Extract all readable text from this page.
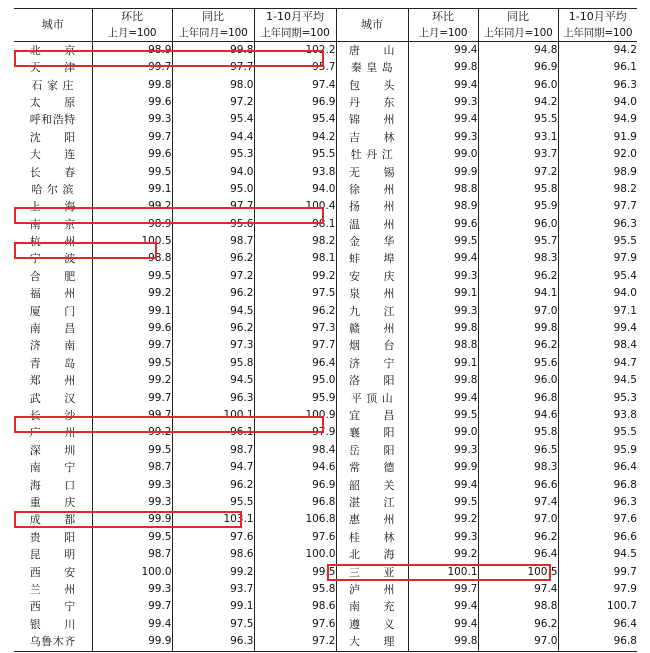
城市	环比	同比	1-10月平均	城市	环比	同比	1-10月平均
	上月=100	上年同月=100	上年同期=100		上月=100	上年同月=100	上年同期=100
北　　京	98.9	99.8	102.2	唐　　山	99.4	94.8	94.2
天　　津	99.7	97.7	95.7	秦 皇 岛	99.8	96.9	96.1
石 家 庄	99.8	98.0	97.4	包　　头	99.4	96.0	96.3
太　　原	99.6	97.2	96.9	丹　　东	99.3	94.2	94.0
呼和浩特	99.3	95.4	95.4	锦　　州	99.4	95.5	94.9
沈　　阳	99.7	94.4	94.2	吉　　林	99.3	93.1	91.9
大　　连	99.6	95.3	95.5	牡 丹 江	99.0	93.7	92.0
长　　春	99.5	94.0	93.8	无　　锡	99.9	97.2	98.9
哈 尔 滨	99.1	95.0	94.0	徐　　州	98.8	95.8	98.2
上　　海	99.2	97.7	100.4	扬　　州	98.9	95.9	97.7
南　　京	98.9	95.6	98.1	温　　州	99.6	96.0	96.3
杭　　州	100.5	98.7	98.2	金　　华	99.5	95.7	95.5
宁　　波	98.8	96.2	98.1	蚌　　埠	99.4	98.3	97.9
合　　肥	99.5	97.2	99.2	安　　庆	99.3	96.2	95.4
福　　州	99.2	96.2	97.5	泉　　州	99.1	94.1	94.0
厦　　门	99.1	94.5	96.2	九　　江	99.3	97.0	97.1
南　　昌	99.6	96.2	97.3	赣　　州	99.8	99.8	99.4
济　　南	99.7	97.3	97.7	烟　　台	98.8	96.2	98.4
青　　岛	99.5	95.8	96.4	济　　宁	99.1	95.6	94.7
郑　　州	99.2	94.5	95.0	洛　　阳	99.8	96.0	94.5
武　　汉	99.7	96.3	95.9	平 顶 山	99.4	96.8	95.3
长　　沙	99.7	100.1	100.9	宜　　昌	99.5	94.6	93.8
广　　州	99.2	96.1	97.9	襄　　阳	99.0	95.8	95.5
深　　圳	99.5	98.7	98.4	岳　　阳	99.3	96.5	95.9
南　　宁	98.7	94.7	94.6	常　　德	99.9	98.3	96.4
海　　口	99.3	96.2	96.9	韶　　关	99.4	96.6	96.8
重　　庆	99.3	95.5	96.8	湛　　江	99.5	97.4	96.3
成　　都	99.9	103.1	106.8	惠　　州	99.2	97.0	97.6
贵　　阳	99.5	97.6	97.6	桂　　林	99.3	96.2	96.6
昆　　明	98.7	98.6	100.0	北　　海	99.2	96.4	94.5
西　　安	100.0	99.2	99.5	三　　亚	100.1	100.5	99.7
兰　　州	99.3	93.7	95.8	泸　　州	99.7	97.4	97.9
西　　宁	99.7	99.1	98.6	南　　充	99.4	98.8	100.7
银　　川	99.4	97.5	97.6	遵　　义	99.4	96.2	96.4
乌鲁木齐	99.9	96.3	97.2	大　　理	99.8	97.0	96.8
